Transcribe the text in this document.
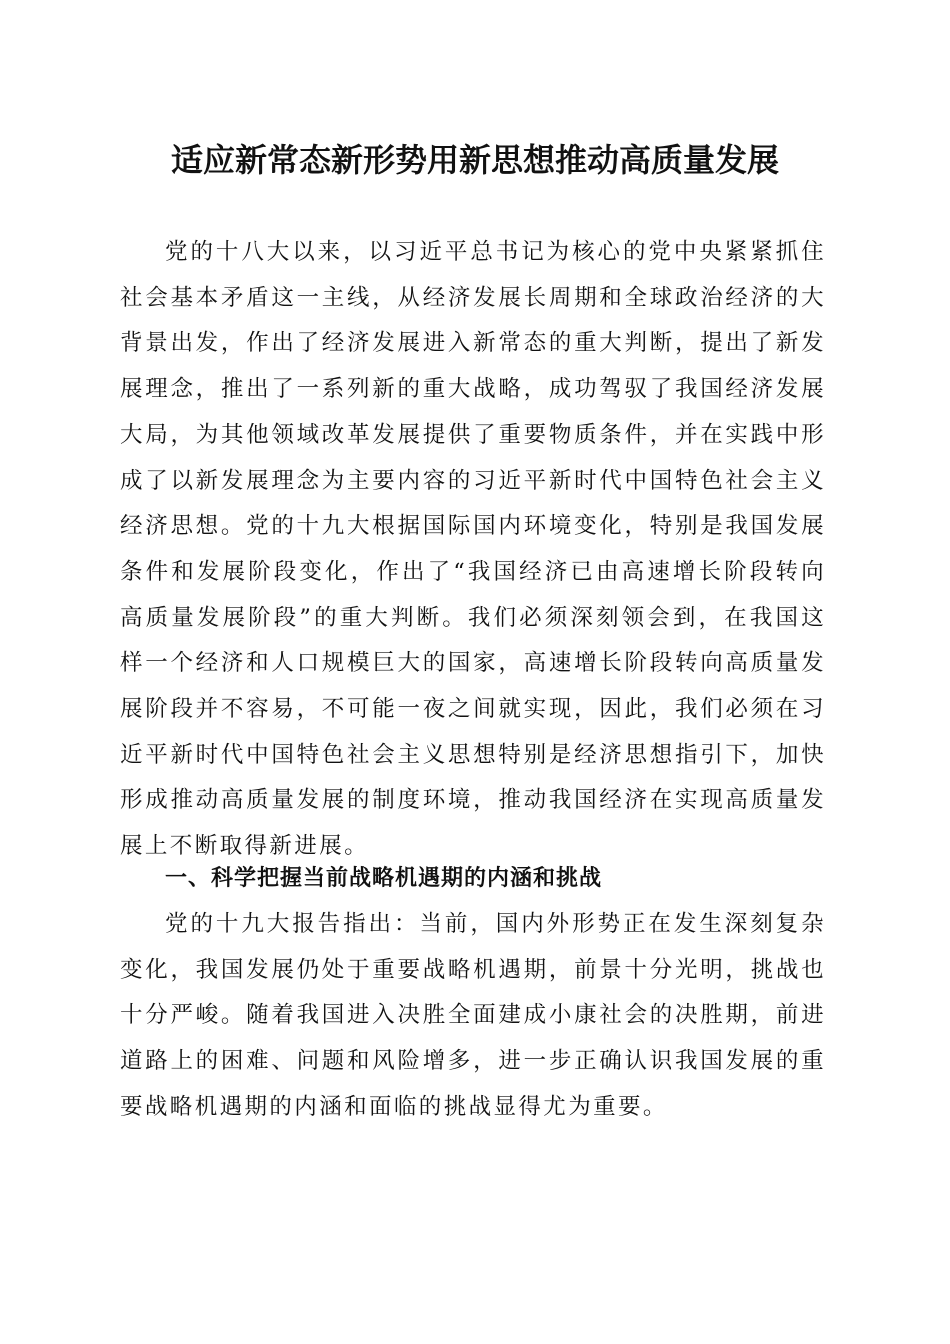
适应新常态新形势用新思想推动高质量发展

党的十八大以来，以习近平总书记为核心的党中央紧紧抓住社会基本矛盾这一主线，从经济发展长周期和全球政治经济的大背景出发，作出了经济发展进入新常态的重大判断，提出了新发展理念，推出了一系列新的重大战略，成功驾驭了我国经济发展大局，为其他领域改革发展提供了重要物质条件，并在实践中形成了以新发展理念为主要内容的习近平新时代中国特色社会主义经济思想。党的十九大根据国际国内环境变化，特别是我国发展条件和发展阶段变化，作出了“我国经济已由高速增长阶段转向高质量发展阶段”的重大判断。我们必须深刻领会到，在我国这样一个经济和人口规模巨大的国家，高速增长阶段转向高质量发展阶段并不容易，不可能一夜之间就实现，因此，我们必须在习近平新时代中国特色社会主义思想特别是经济思想指引下，加快形成推动高质量发展的制度环境，推动我国经济在实现高质量发展上不断取得新进展。

一、科学把握当前战略机遇期的内涵和挑战

党的十九大报告指出：当前，国内外形势正在发生深刻复杂变化，我国发展仍处于重要战略机遇期，前景十分光明，挑战也十分严峻。随着我国进入决胜全面建成小康社会的决胜期，前进道路上的困难、问题和风险增多，进一步正确认识我国发展的重要战略机遇期的内涵和面临的挑战显得尤为重要。
